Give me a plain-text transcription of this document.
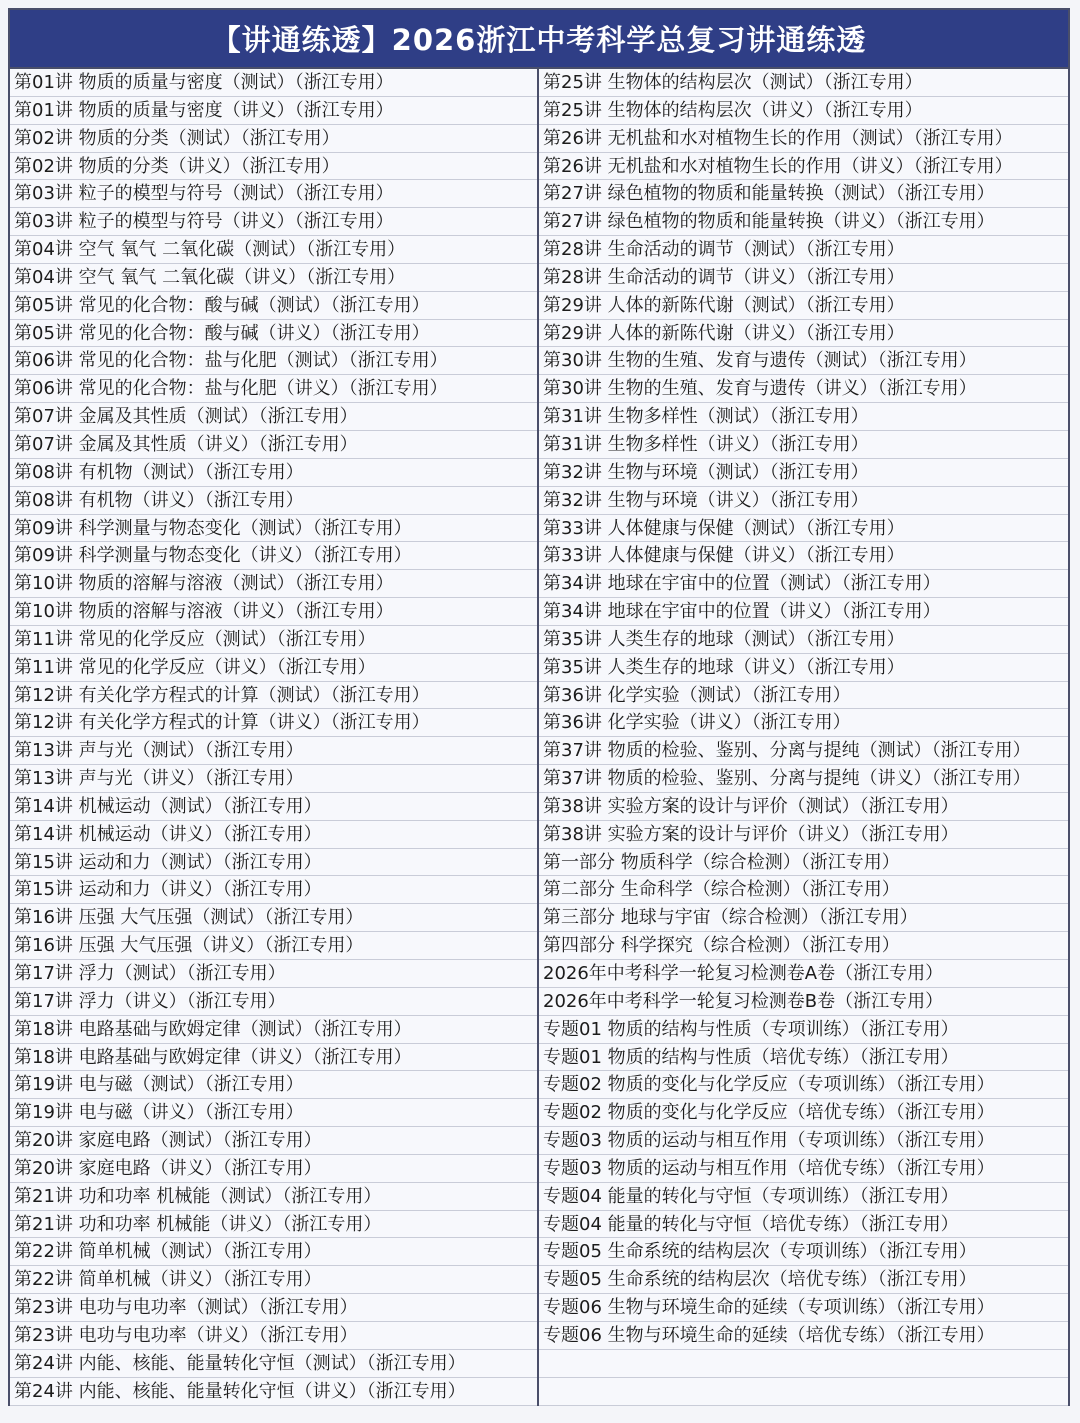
【讲通练透】2026浙江中考科学总复习讲通练透
第01讲 物质的质量与密度（测试）（浙江专用）
第01讲 物质的质量与密度（讲义）（浙江专用）
第02讲 物质的分类（测试）（浙江专用）
第02讲 物质的分类（讲义）（浙江专用）
第03讲 粒子的模型与符号（测试）（浙江专用）
第03讲 粒子的模型与符号（讲义）（浙江专用）
第04讲 空气 氧气 二氧化碳（测试）（浙江专用）
第04讲 空气 氧气 二氧化碳（讲义）（浙江专用）
第05讲 常见的化合物：酸与碱（测试）（浙江专用）
第05讲 常见的化合物：酸与碱（讲义）（浙江专用）
第06讲 常见的化合物：盐与化肥（测试）（浙江专用）
第06讲 常见的化合物：盐与化肥（讲义）（浙江专用）
第07讲 金属及其性质（测试）（浙江专用）
第07讲 金属及其性质（讲义）（浙江专用）
第08讲 有机物（测试）（浙江专用）
第08讲 有机物（讲义）（浙江专用）
第09讲 科学测量与物态变化（测试）（浙江专用）
第09讲 科学测量与物态变化（讲义）（浙江专用）
第10讲 物质的溶解与溶液（测试）（浙江专用）
第10讲 物质的溶解与溶液（讲义）（浙江专用）
第11讲 常见的化学反应（测试）（浙江专用）
第11讲 常见的化学反应（讲义）（浙江专用）
第12讲 有关化学方程式的计算（测试）（浙江专用）
第12讲 有关化学方程式的计算（讲义）（浙江专用）
第13讲 声与光（测试）（浙江专用）
第13讲 声与光（讲义）（浙江专用）
第14讲 机械运动（测试）（浙江专用）
第14讲 机械运动（讲义）（浙江专用）
第15讲 运动和力（测试）（浙江专用）
第15讲 运动和力（讲义）（浙江专用）
第16讲 压强 大气压强（测试）（浙江专用）
第16讲 压强 大气压强（讲义）（浙江专用）
第17讲 浮力（测试）（浙江专用）
第17讲 浮力（讲义）（浙江专用）
第18讲 电路基础与欧姆定律（测试）（浙江专用）
第18讲 电路基础与欧姆定律（讲义）（浙江专用）
第19讲 电与磁（测试）（浙江专用）
第19讲 电与磁（讲义）（浙江专用）
第20讲 家庭电路（测试）（浙江专用）
第20讲 家庭电路（讲义）（浙江专用）
第21讲 功和功率 机械能（测试）（浙江专用）
第21讲 功和功率 机械能（讲义）（浙江专用）
第22讲 简单机械（测试）（浙江专用）
第22讲 简单机械（讲义）（浙江专用）
第23讲 电功与电功率（测试）（浙江专用）
第23讲 电功与电功率（讲义）（浙江专用）
第24讲 内能、核能、能量转化守恒（测试）（浙江专用）
第24讲 内能、核能、能量转化守恒（讲义）（浙江专用）
第25讲 生物体的结构层次（测试）（浙江专用）
第25讲 生物体的结构层次（讲义）（浙江专用）
第26讲 无机盐和水对植物生长的作用（测试）（浙江专用）
第26讲 无机盐和水对植物生长的作用（讲义）（浙江专用）
第27讲 绿色植物的物质和能量转换（测试）（浙江专用）
第27讲 绿色植物的物质和能量转换（讲义）（浙江专用）
第28讲 生命活动的调节（测试）（浙江专用）
第28讲 生命活动的调节（讲义）（浙江专用）
第29讲 人体的新陈代谢（测试）（浙江专用）
第29讲 人体的新陈代谢（讲义）（浙江专用）
第30讲 生物的生殖、发育与遗传（测试）（浙江专用）
第30讲 生物的生殖、发育与遗传（讲义）（浙江专用）
第31讲 生物多样性（测试）（浙江专用）
第31讲 生物多样性（讲义）（浙江专用）
第32讲 生物与环境（测试）（浙江专用）
第32讲 生物与环境（讲义）（浙江专用）
第33讲 人体健康与保健（测试）（浙江专用）
第33讲 人体健康与保健（讲义）（浙江专用）
第34讲 地球在宇宙中的位置（测试）（浙江专用）
第34讲 地球在宇宙中的位置（讲义）（浙江专用）
第35讲 人类生存的地球（测试）（浙江专用）
第35讲 人类生存的地球（讲义）（浙江专用）
第36讲 化学实验（测试）（浙江专用）
第36讲 化学实验（讲义）（浙江专用）
第37讲 物质的检验、鉴别、分离与提纯（测试）（浙江专用）
第37讲 物质的检验、鉴别、分离与提纯（讲义）（浙江专用）
第38讲 实验方案的设计与评价（测试）（浙江专用）
第38讲 实验方案的设计与评价（讲义）（浙江专用）
第一部分 物质科学（综合检测）（浙江专用）
第二部分 生命科学（综合检测）（浙江专用）
第三部分 地球与宇宙（综合检测）（浙江专用）
第四部分 科学探究（综合检测）（浙江专用）
2026年中考科学一轮复习检测卷A卷（浙江专用）
2026年中考科学一轮复习检测卷B卷（浙江专用）
专题01 物质的结构与性质（专项训练）（浙江专用）
专题01 物质的结构与性质（培优专练）（浙江专用）
专题02 物质的变化与化学反应（专项训练）（浙江专用）
专题02 物质的变化与化学反应（培优专练）（浙江专用）
专题03 物质的运动与相互作用（专项训练）（浙江专用）
专题03 物质的运动与相互作用（培优专练）（浙江专用）
专题04 能量的转化与守恒（专项训练）（浙江专用）
专题04 能量的转化与守恒（培优专练）（浙江专用）
专题05 生命系统的结构层次（专项训练）（浙江专用）
专题05 生命系统的结构层次（培优专练）（浙江专用）
专题06 生物与环境生命的延续（专项训练）（浙江专用）
专题06 生物与环境生命的延续（培优专练）（浙江专用）
